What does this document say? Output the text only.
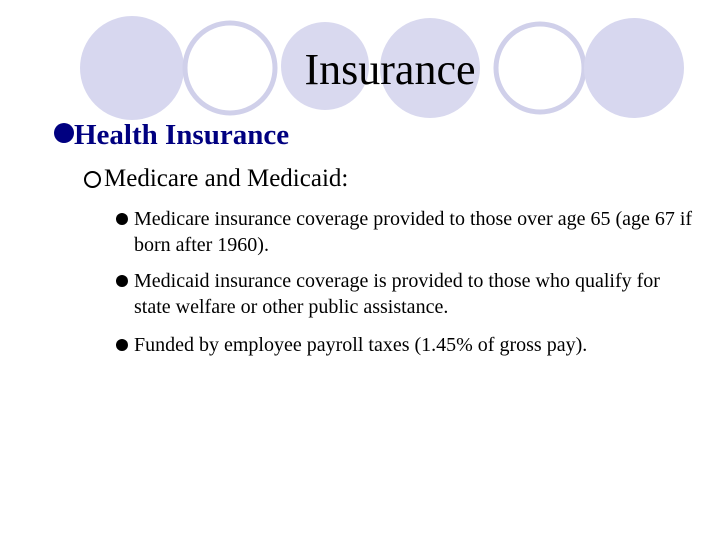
Insurance
Health Insurance
Medicare and Medicaid:
Medicare insurance coverage provided to those over age 65 (age 67 if born after 1960).
Medicaid insurance coverage is provided to those who qualify for state welfare or other public assistance.
Funded by employee payroll taxes (1.45% of gross pay).
